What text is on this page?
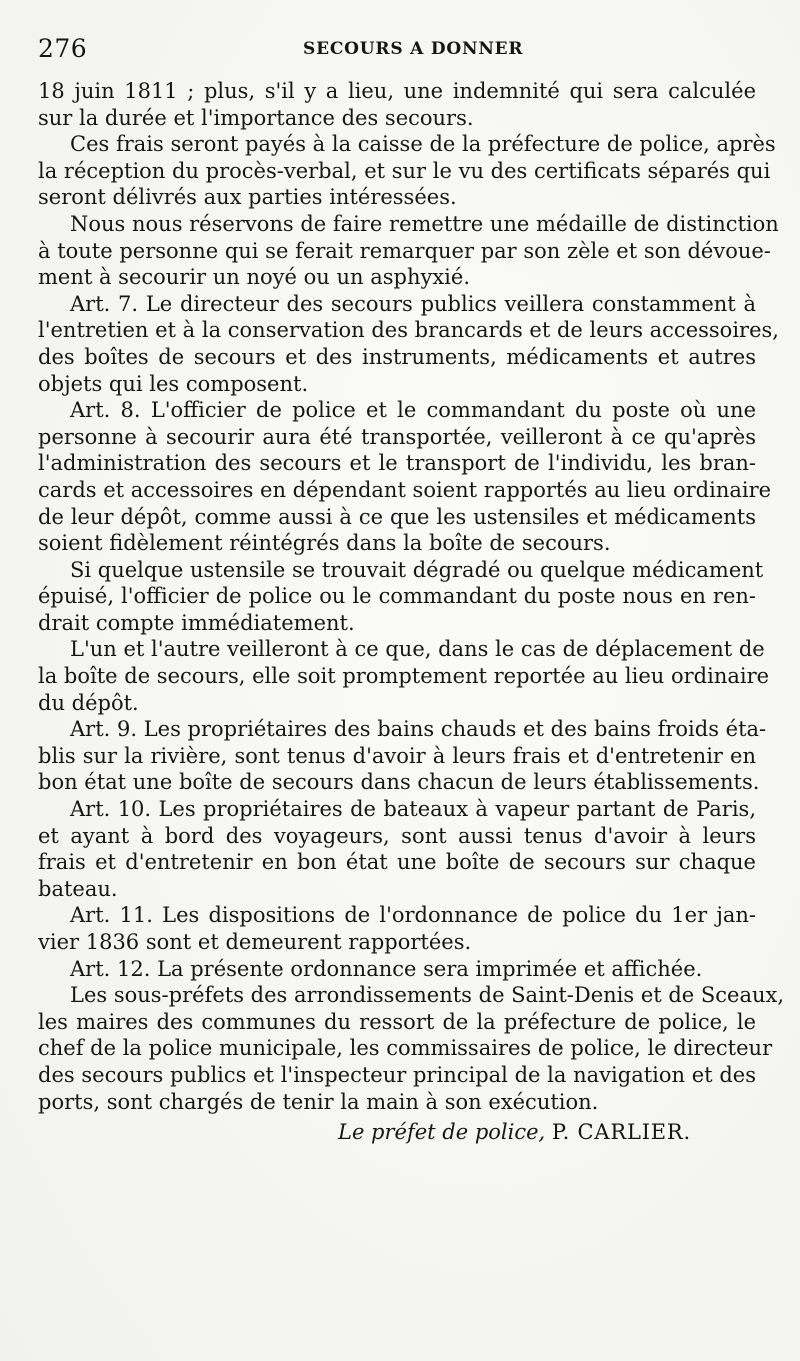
276	SECOURS A DONNER
18 juin 1811 ; plus, s'il y a lieu, une indemnité qui sera calculée
sur la durée et l'importance des secours.
Ces frais seront payés à la caisse de la préfecture de police, après
la réception du procès-verbal, et sur le vu des certificats séparés qui
seront délivrés aux parties intéressées.
Nous nous réservons de faire remettre une médaille de distinction
à toute personne qui se ferait remarquer par son zèle et son dévoue-
ment à secourir un noyé ou un asphyxié.
Art. 7. Le directeur des secours publics veillera constamment à
l'entretien et à la conservation des brancards et de leurs accessoires,
des boîtes de secours et des instruments, médicaments et autres
objets qui les composent.
Art. 8. L'officier de police et le commandant du poste où une
personne à secourir aura été transportée, veilleront à ce qu'après
l'administration des secours et le transport de l'individu, les bran-
cards et accessoires en dépendant soient rapportés au lieu ordinaire
de leur dépôt, comme aussi à ce que les ustensiles et médicaments
soient fidèlement réintégrés dans la boîte de secours.
Si quelque ustensile se trouvait dégradé ou quelque médicament
épuisé, l'officier de police ou le commandant du poste nous en ren-
drait compte immédiatement.
L'un et l'autre veilleront à ce que, dans le cas de déplacement de
la boîte de secours, elle soit promptement reportée au lieu ordinaire
du dépôt.
Art. 9. Les propriétaires des bains chauds et des bains froids éta-
blis sur la rivière, sont tenus d'avoir à leurs frais et d'entretenir en
bon état une boîte de secours dans chacun de leurs établissements.
Art. 10. Les propriétaires de bateaux à vapeur partant de Paris,
et ayant à bord des voyageurs, sont aussi tenus d'avoir à leurs
frais et d'entretenir en bon état une boîte de secours sur chaque
bateau.
Art. 11. Les dispositions de l'ordonnance de police du 1er jan-
vier 1836 sont et demeurent rapportées.
Art. 12. La présente ordonnance sera imprimée et affichée.
Les sous-préfets des arrondissements de Saint-Denis et de Sceaux,
les maires des communes du ressort de la préfecture de police, le
chef de la police municipale, les commissaires de police, le directeur
des secours publics et l'inspecteur principal de la navigation et des
ports, sont chargés de tenir la main à son exécution.
Le préfet de police, P. CARLIER.
